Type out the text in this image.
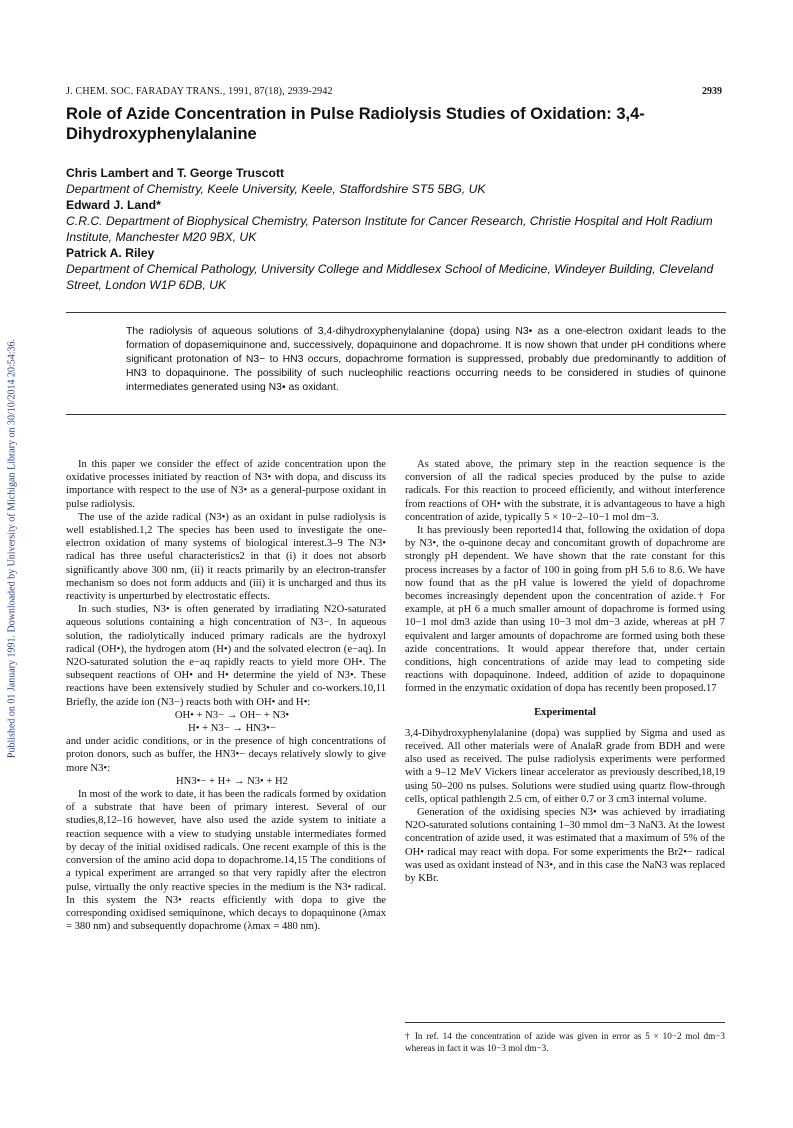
Published on 01 January 1991. Downloaded by University of Michigan Library on 30/10/2014 20:54:36.
J. CHEM. SOC. FARADAY TRANS., 1991, 87(18), 2939-2942	2939
Role of Azide Concentration in Pulse Radiolysis Studies of Oxidation: 3,4-Dihydroxyphenylalanine
Chris Lambert and T. George Truscott
Department of Chemistry, Keele University, Keele, Staffordshire ST5 5BG, UK
Edward J. Land*
C.R.C. Department of Biophysical Chemistry, Paterson Institute for Cancer Research, Christie Hospital and Holt Radium Institute, Manchester M20 9BX, UK
Patrick A. Riley
Department of Chemical Pathology, University College and Middlesex School of Medicine, Windeyer Building, Cleveland Street, London W1P 6DB, UK
The radiolysis of aqueous solutions of 3,4-dihydroxyphenylalanine (dopa) using N3• as a one-electron oxidant leads to the formation of dopasemiquinone and, successively, dopaquinone and dopachrome. It is now shown that under pH conditions where significant protonation of N3− to HN3 occurs, dopachrome formation is suppressed, probably due predominantly to addition of HN3 to dopaquinone. The possibility of such nucleophilic reactions occurring needs to be considered in studies of quinone intermediates generated using N3• as oxidant.

In this paper we consider the effect of azide concentration upon the oxidative processes initiated by reaction of N3• with dopa, and discuss its importance with respect to the use of N3• as a general-purpose oxidant in pulse radiolysis.

The use of the azide radical (N3•) as an oxidant in pulse radiolysis is well established.1,2 The species has been used to investigate the one-electron oxidation of many systems of biological interest.3–9 The N3• radical has three useful characteristics2 in that (i) it does not absorb significantly above 300 nm, (ii) it reacts primarily by an electron-transfer mechanism so does not form adducts and (iii) it is uncharged and thus its reactivity is unperturbed by electrostatic effects.

In such studies, N3• is often generated by irradiating N2O-saturated aqueous solutions containing a high concentration of N3−. In aqueous solution, the radiolytically induced primary radicals are the hydroxyl radical (OH•), the hydrogen atom (H•) and the solvated electron (e−aq). In N2O-saturated solution the e−aq rapidly reacts to yield more OH•. The subsequent reactions of OH• and H• determine the yield of N3•. These reactions have been extensively studied by Schuler and co-workers.10,11 Briefly, the azide ion (N3−) reacts both with OH• and H•:

OH• + N3− → OH− + N3•

H• + N3− → HN3•−

and under acidic conditions, or in the presence of high concentrations of proton donors, such as buffer, the HN3•− decays relatively slowly to give more N3•:

HN3•− + H+ → N3• + H2

In most of the work to date, it has been the radicals formed by oxidation of a substrate that have been of primary interest. Several of our studies,8,12–16 however, have also used the azide system to initiate a reaction sequence with a view to studying unstable intermediates formed by decay of the initial oxidised radicals. One recent example of this is the conversion of the amino acid dopa to dopachrome.14,15 The conditions of a typical experiment are arranged so that very rapidly after the electron pulse, virtually the only reactive species in the medium is the N3• radical. In this system the N3• reacts efficiently with dopa to give the corresponding oxidised semiquinone, which decays to dopaquinone (λmax = 380 nm) and subsequently dopachrome (λmax = 480 nm).

As stated above, the primary step in the reaction sequence is the conversion of all the radical species produced by the pulse to azide radicals. For this reaction to proceed efficiently, and without interference from reactions of OH• with the substrate, it is advantageous to have a high concentration of azide, typically 5 × 10−2–10−1 mol dm−3.

It has previously been reported14 that, following the oxidation of dopa by N3•, the o-quinone decay and concomitant growth of dopachrome are strongly pH dependent. We have shown that the rate constant for this process increases by a factor of 100 in going from pH 5.6 to 8.6. We have now found that as the pH value is lowered the yield of dopachrome becomes increasingly dependent upon the concentration of azide.† For example, at pH 6 a much smaller amount of dopachrome is formed using 10−1 mol dm3 azide than using 10−3 mol dm−3 azide, whereas at pH 7 equivalent and larger amounts of dopachrome are formed using both these azide concentrations. It would appear therefore that, under certain conditions, high concentrations of azide may lead to competing side reactions with dopaquinone. Indeed, addition of azide to dopaquinone formed in the enzymatic oxidation of dopa has recently been proposed.17

Experimental

3,4-Dihydroxyphenylalanine (dopa) was supplied by Sigma and used as received. All other materials were of AnalaR grade from BDH and were also used as received. The pulse radiolysis experiments were performed with a 9–12 MeV Vickers linear accelerator as previously described,18,19 using 50–200 ns pulses. Solutions were studied using quartz flow-through cells, optical pathlength 2.5 cm, of either 0.7 or 3 cm3 internal volume.

Generation of the oxidising species N3• was achieved by irradiating N2O-saturated solutions containing 1–30 mmol dm−3 NaN3. At the lowest concentration of azide used, it was estimated that a maximum of 5% of the OH• radical may react with dopa. For some experiments the Br2•− radical was used as oxidant instead of N3•, and in this case the NaN3 was replaced by KBr.

† In ref. 14 the concentration of azide was given in error as 5 × 10−2 mol dm−3 whereas in fact it was 10−3 mol dm−3.
